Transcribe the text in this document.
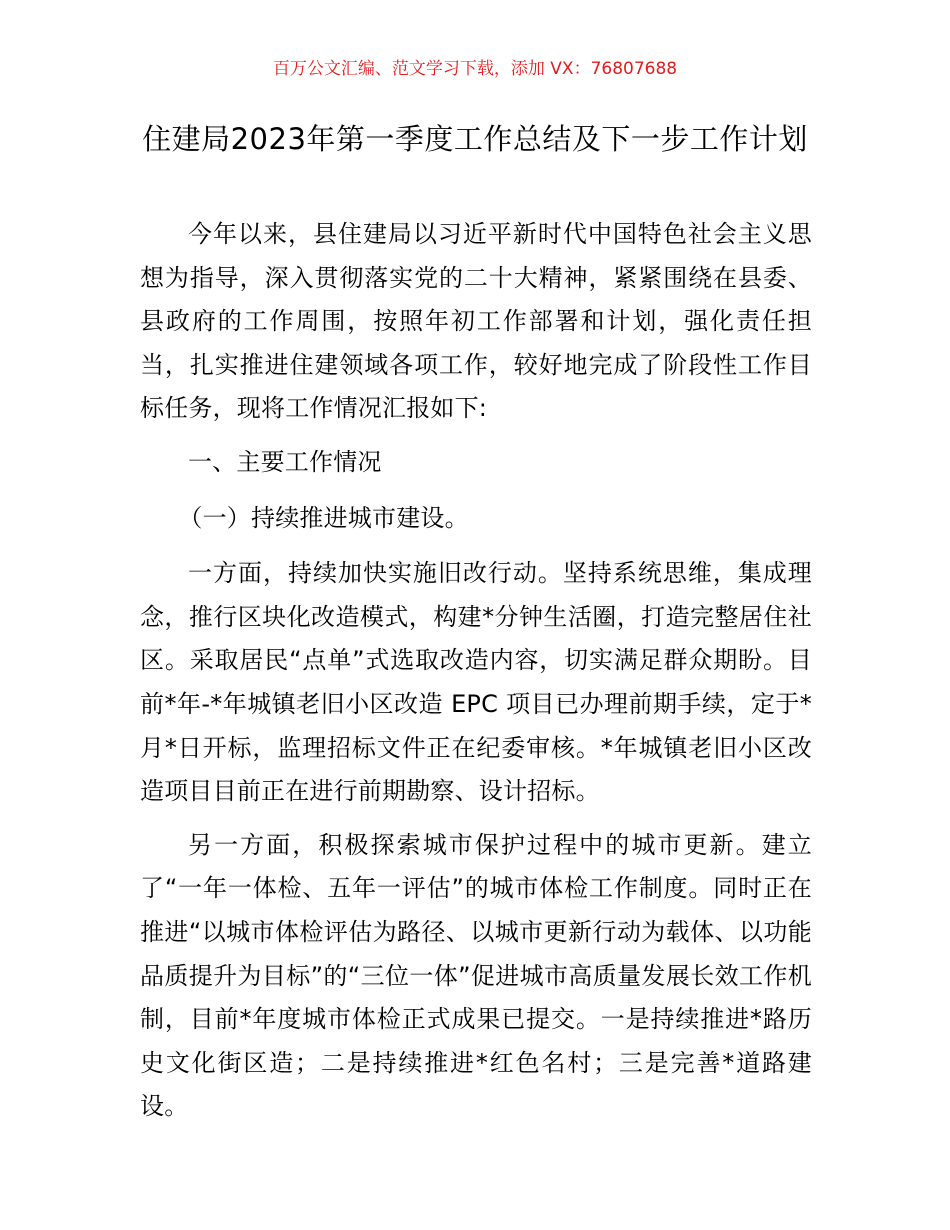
百万公文汇编、范文学习下载，添加 VX：76807688
住建局2023年第一季度工作总结及下一步工作计划

今年以来，县住建局以习近平新时代中国特色社会主义思想为指导，深入贯彻落实党的二十大精神，紧紧围绕在县委、县政府的工作周围，按照年初工作部署和计划，强化责任担当，扎实推进住建领域各项工作，较好地完成了阶段性工作目标任务，现将工作情况汇报如下:

一、主要工作情况

（一）持续推进城市建设。

一方面，持续加快实施旧改行动。坚持系统思维，集成理念，推行区块化改造模式，构建*分钟生活圈，打造完整居住社区。采取居民“点单”式选取改造内容，切实满足群众期盼。目前*年-*年城镇老旧小区改造 EPC 项目已办理前期手续，定于*月*日开标，监理招标文件正在纪委审核。*年城镇老旧小区改造项目目前正在进行前期勘察、设计招标。

另一方面，积极探索城市保护过程中的城市更新。建立了“一年一体检、五年一评估”的城市体检工作制度。同时正在推进“以城市体检评估为路径、以城市更新行动为载体、以功能品质提升为目标”的“三位一体”促进城市高质量发展长效工作机制，目前*年度城市体检正式成果已提交。一是持续推进*路历史文化街区造；二是持续推进*红色名村；三是完善*道路建设。
